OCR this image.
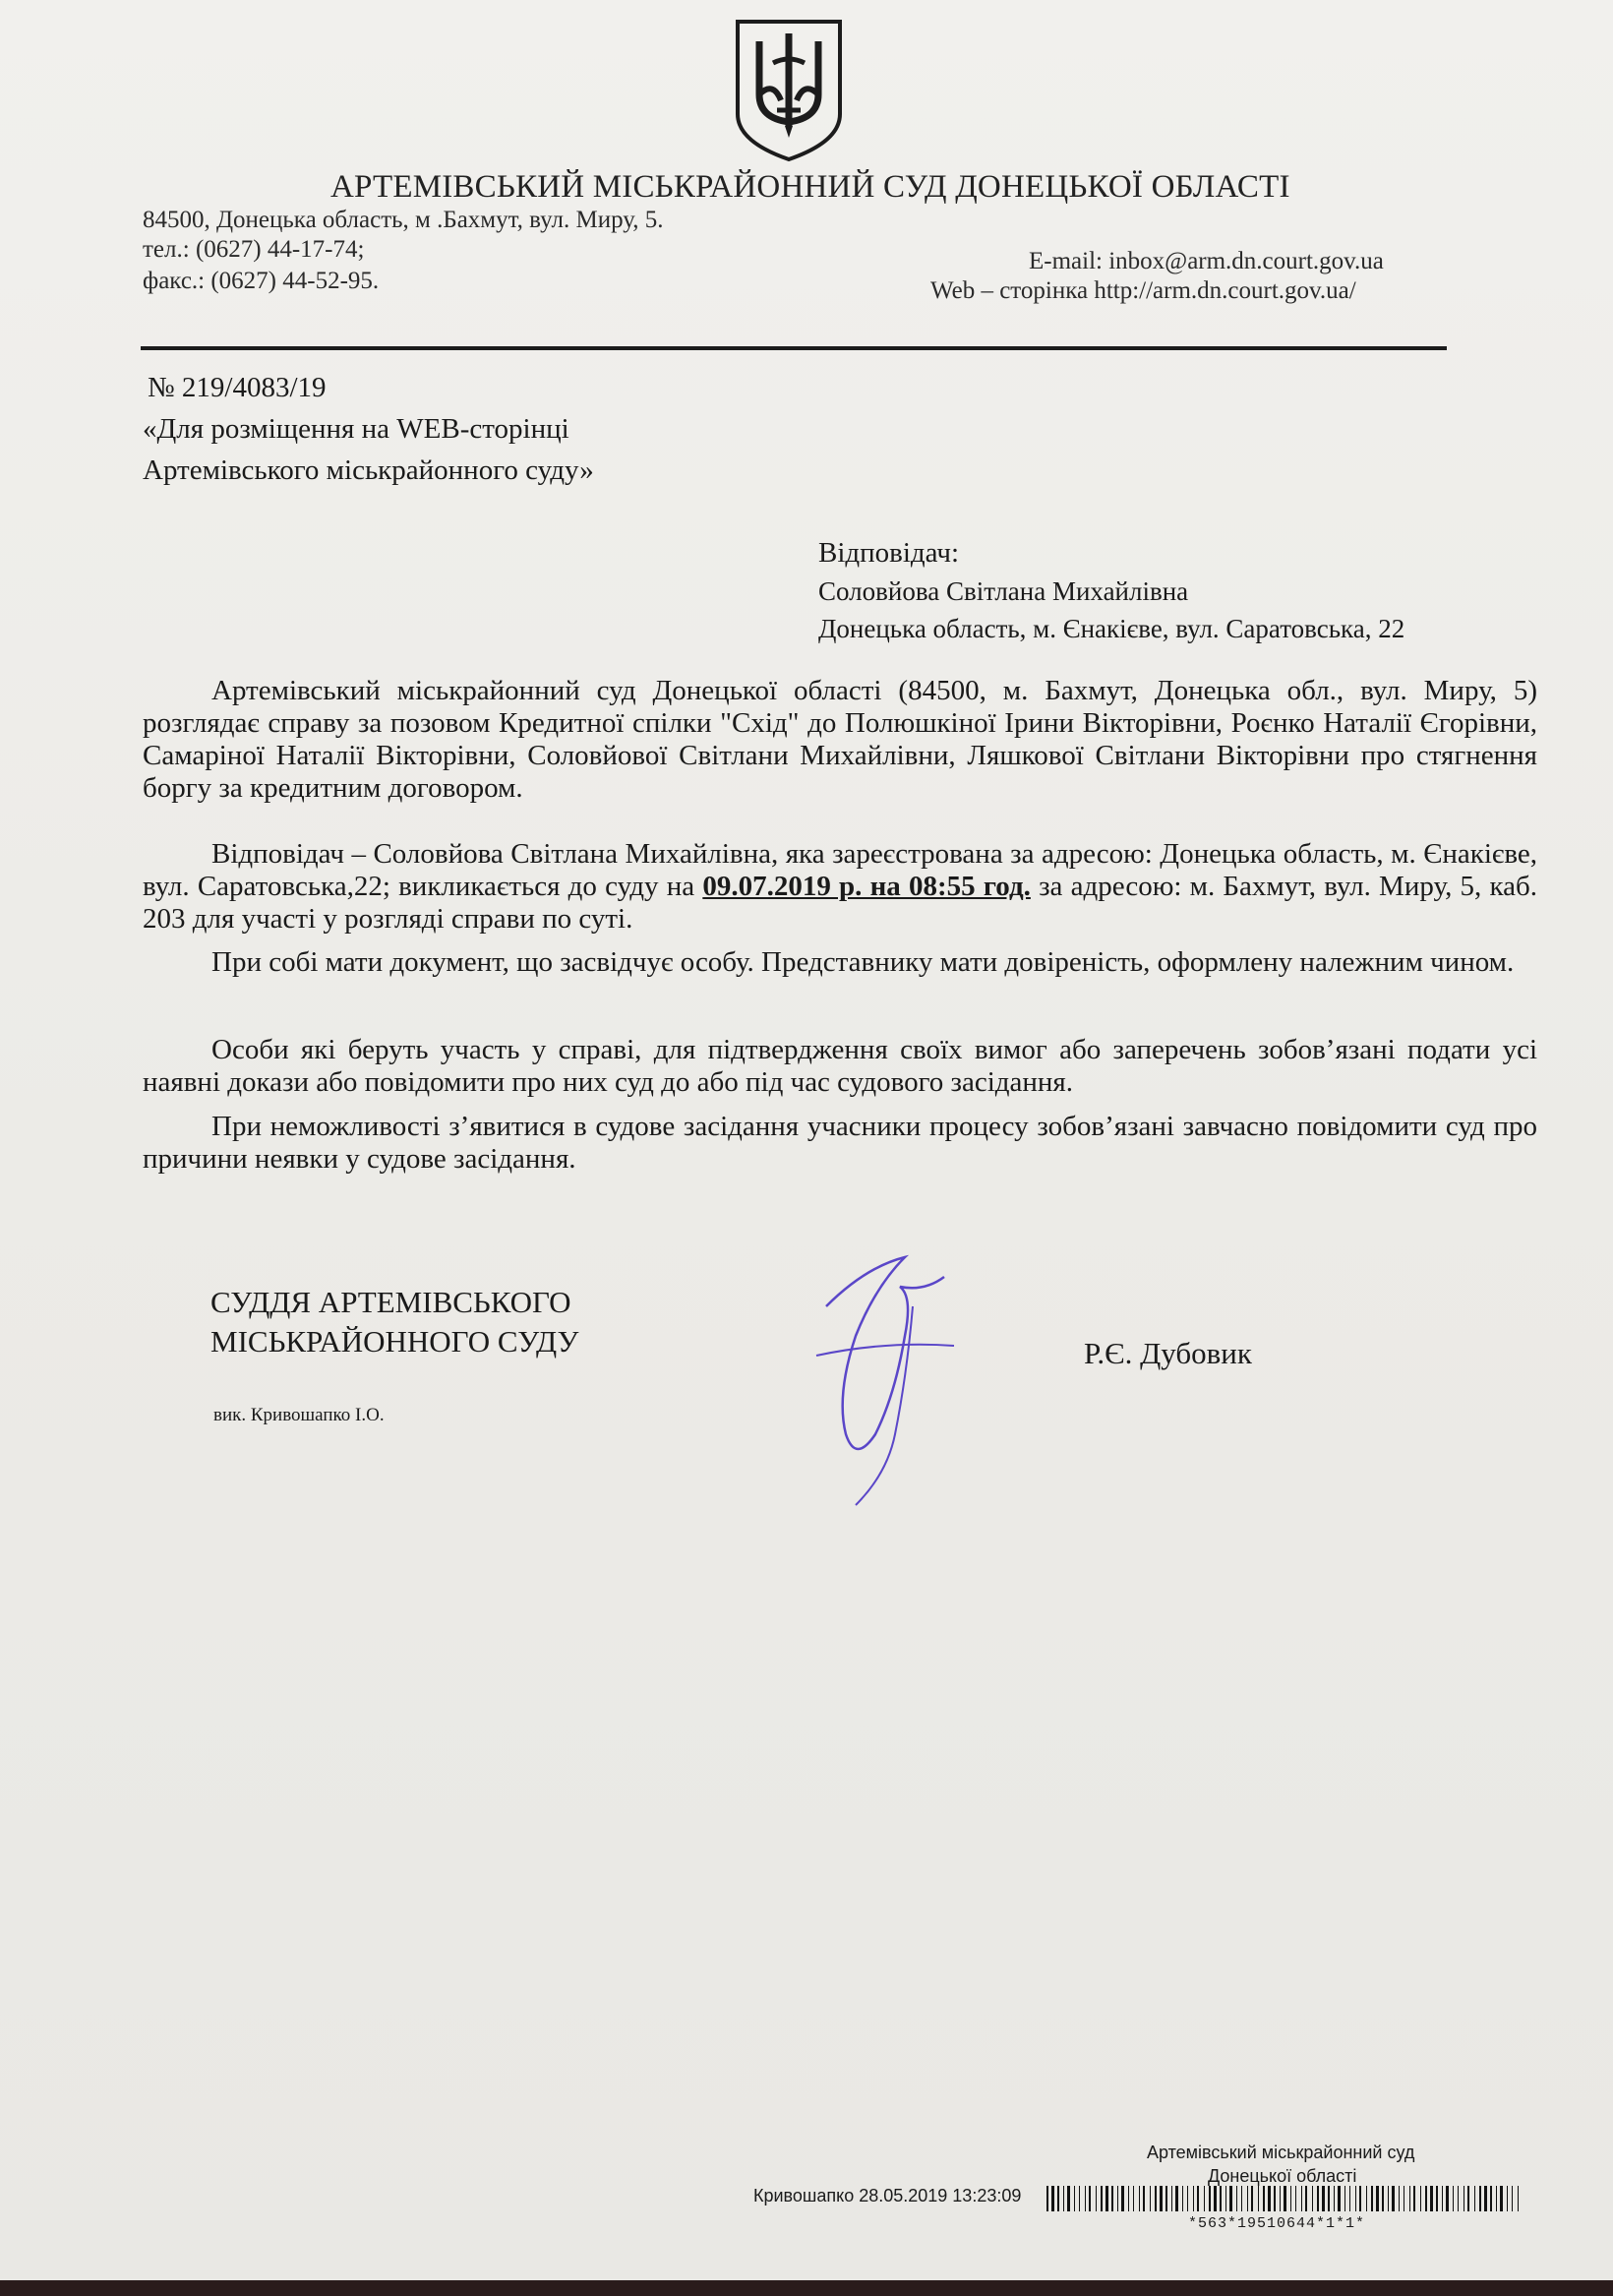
АРТЕМІВСЬКИЙ МІСЬКРАЙОННИЙ СУД ДОНЕЦЬКОЇ ОБЛАСТІ
84500, Донецька область, м .Бахмут, вул. Миру, 5.
тел.: (0627) 44-17-74;
факс.: (0627) 44-52-95.
E-mail: inbox@arm.dn.court.gov.ua
Web – сторінка http://arm.dn.court.gov.ua/
№ 219/4083/19
«Для розміщення на WEB-сторінці
Артемівського міськрайонного суду»
Відповідач:
Соловйова Світлана Михайлівна
Донецька область, м. Єнакієве, вул. Саратовська, 22
Артемівський міськрайонний суд Донецької області (84500, м. Бахмут, Донецька обл., вул. Миру, 5) розглядає справу за позовом Кредитної спілки "Схід" до Полюшкіної Ірини Вікторівни, Роєнко Наталії Єгорівни, Самаріної Наталії Вікторівни, Соловйової Світлани Михайлівни, Ляшкової Світлани Вікторівни про стягнення боргу за кредитним договором.
Відповідач – Соловйова Світлана Михайлівна, яка зареєстрована за адресою: Донецька область, м. Єнакієве, вул. Саратовська,22; викликається до суду на 09.07.2019 р. на 08:55 год. за адресою: м. Бахмут, вул. Миру, 5, каб. 203 для участі у розгляді справи по суті.
При собі мати документ, що засвідчує особу. Представнику мати довіреність, оформлену належним чином.
Особи які беруть участь у справі, для підтвердження своїх вимог або заперечень зобов’язані подати усі наявні докази або повідомити про них суд до або під час судового засідання.
При неможливості з’явитися в судове засідання учасники процесу зобов’язані завчасно повідомити суд про причини неявки у судове засідання.
СУДДЯ АРТЕМІВСЬКОГО
МІСЬКРАЙОННОГО СУДУ	Р.Є. Дубовик
вик. Кривошапко І.О.
Артемівський міськрайонний суд
Донецької області
Кривошапко 28.05.2019 13:23:09
*563*19510644*1*1*
